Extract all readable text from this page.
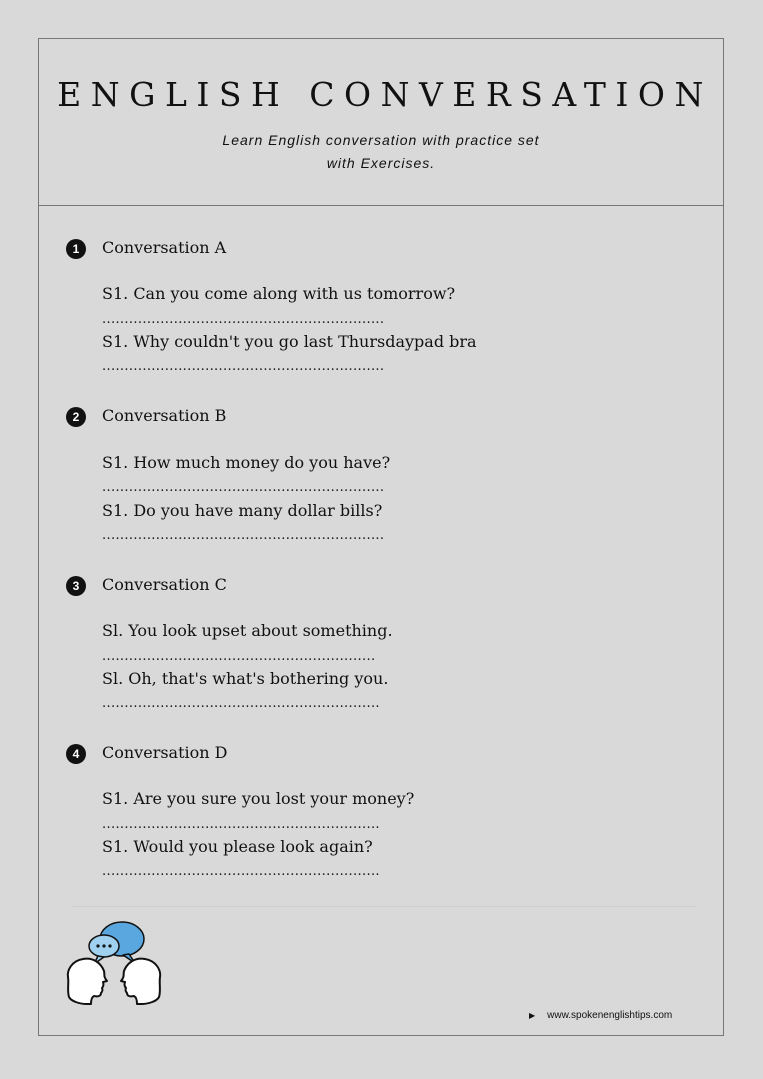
ENGLISH CONVERSATION
Learn English conversation with practice set
with Exercises.
1	Conversation A
S1. Can you come along with us tomorrow?
...............................................................
S1. Why couldn't you go last Thursdaypad bra
...............................................................
2	Conversation B
S1. How much money do you have?
...............................................................
S1. Do you have many dollar bills?
...............................................................
3	Conversation C
Sl. You look upset about something.
.............................................................
Sl. Oh, that's what's bothering you.
..............................................................
4	Conversation D
S1. Are you sure you lost your money?
..............................................................
S1. Would you please look again?
..............................................................
▶ www.spokenenglishtips.com
